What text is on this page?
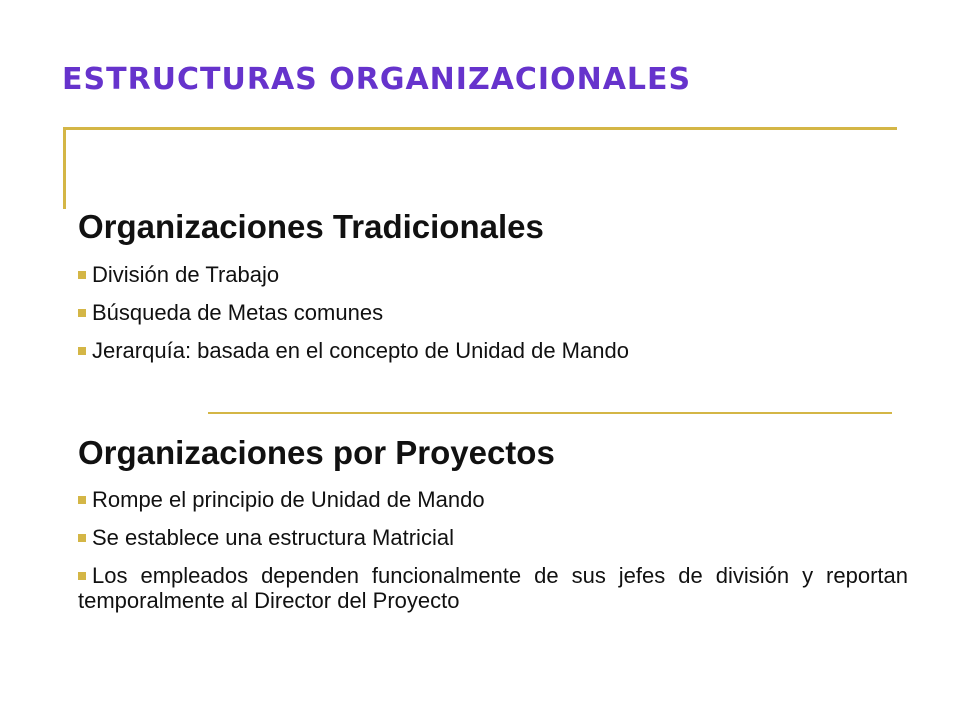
ESTRUCTURAS ORGANIZACIONALES
Organizaciones Tradicionales
División de Trabajo
Búsqueda de Metas comunes
Jerarquía: basada en el concepto de Unidad de Mando
Organizaciones por Proyectos
Rompe el principio de Unidad de Mando
Se establece una estructura Matricial
Los empleados dependen funcionalmente de sus jefes de división y reportan temporalmente al Director del Proyecto
